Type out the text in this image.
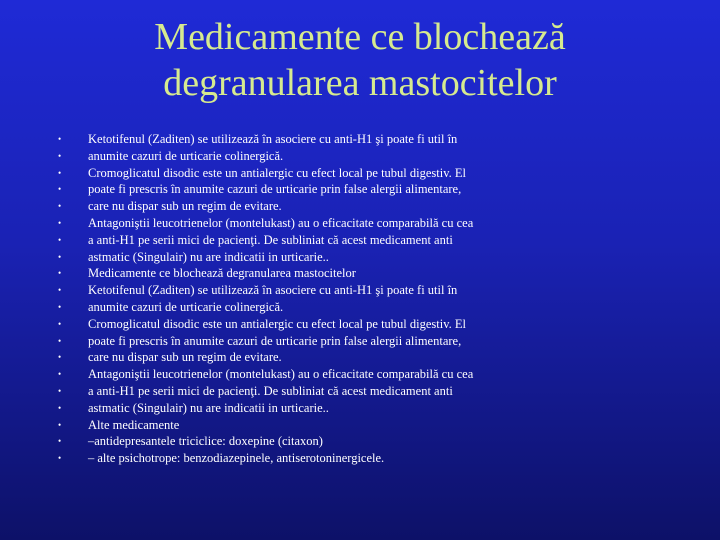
Medicamente ce blochează
degranularea mastocitelor
• Ketotifenul (Zaditen) se utilizează în asociere cu anti-H1 şi poate fi util în
• anumite cazuri de urticarie colinergică.
• Cromoglicatul disodic este un antialergic cu efect local pe tubul digestiv. El
• poate fi prescris în anumite cazuri de urticarie prin false alergii alimentare,
• care nu dispar sub un regim de evitare.
• Antagoniştii leucotrienelor (montelukast) au o eficacitate comparabilă cu cea
• a anti-H1 pe serii mici de pacienţi. De subliniat că acest medicament anti
• astmatic (Singulair) nu are indicatii in urticarie..
• Medicamente ce blochează degranularea mastocitelor
• Ketotifenul (Zaditen) se utilizează în asociere cu anti-H1 şi poate fi util în
• anumite cazuri de urticarie colinergică.
• Cromoglicatul disodic este un antialergic cu efect local pe tubul digestiv. El
• poate fi prescris în anumite cazuri de urticarie prin false alergii alimentare,
• care nu dispar sub un regim de evitare.
• Antagoniştii leucotrienelor (montelukast) au o eficacitate comparabilă cu cea
• a anti-H1 pe serii mici de pacienţi. De subliniat că acest medicament anti
• astmatic (Singulair) nu are indicatii in urticarie..
• Alte medicamente
• –antidepresantele triciclice: doxepine (citaxon)
• – alte psichotrope: benzodiazepinele, antiserotoninergicele.
